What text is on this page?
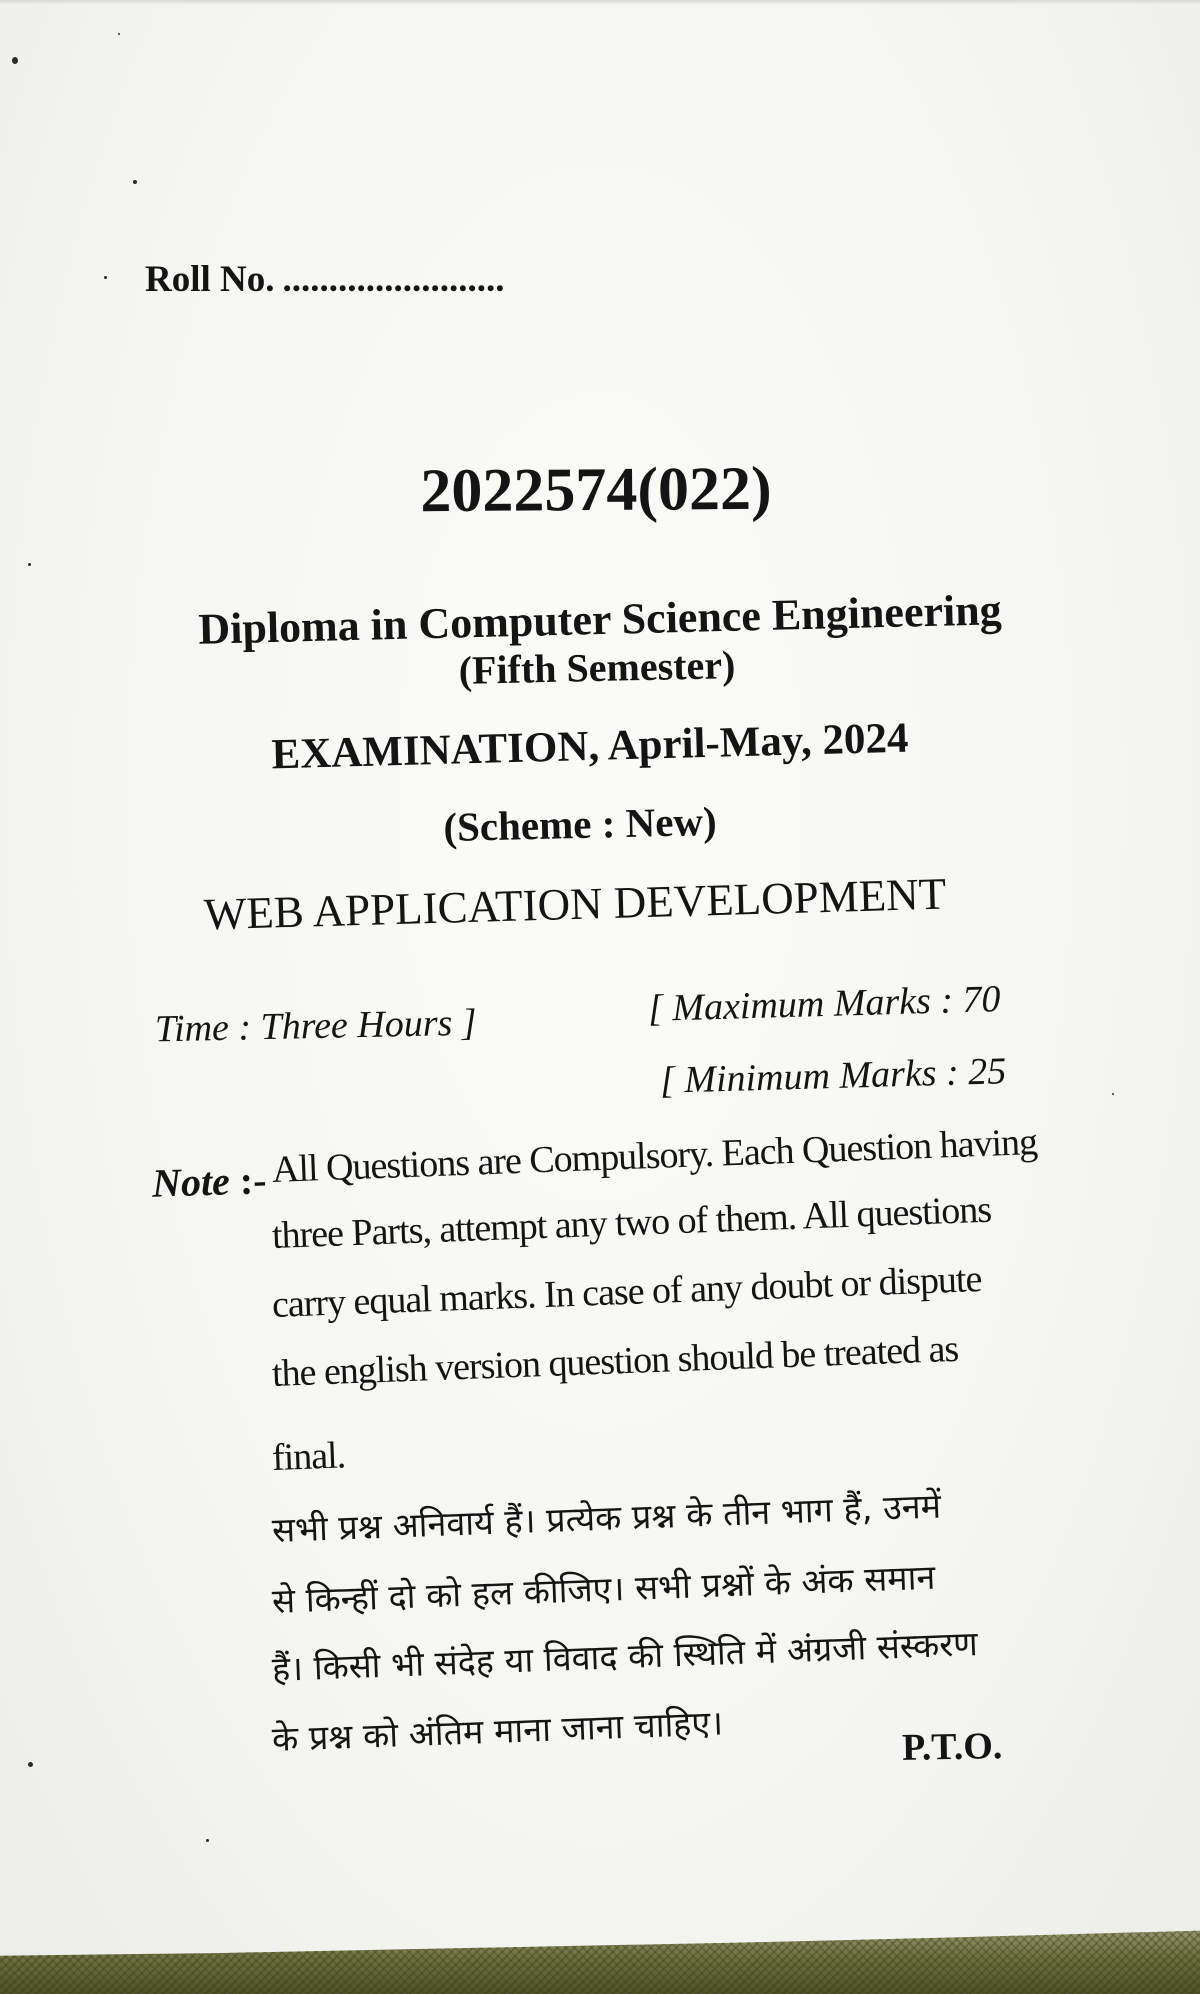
Roll No. ........................
2022574(022)
Diploma in Computer Science Engineering
(Fifth Semester)
EXAMINATION, April-May, 2024
(Scheme : New)
WEB APPLICATION DEVELOPMENT
Time : Three Hours ]	[ Maximum Marks : 70
[ Minimum Marks : 25
Note :- All Questions are Compulsory. Each Question having
three Parts, attempt any two of them. All questions
carry equal marks. In case of any doubt or dispute
the english version question should be treated as
final.
सभी प्रश्न अनिवार्य हैं। प्रत्येक प्रश्न के तीन भाग हैं, उनमें
से किन्हीं दो को हल कीजिए। सभी प्रश्नों के अंक समान
हैं। किसी भी संदेह या विवाद की स्थिति में अंग्रजी संस्करण
के प्रश्न को अंतिम माना जाना चाहिए।	P.T.O.
